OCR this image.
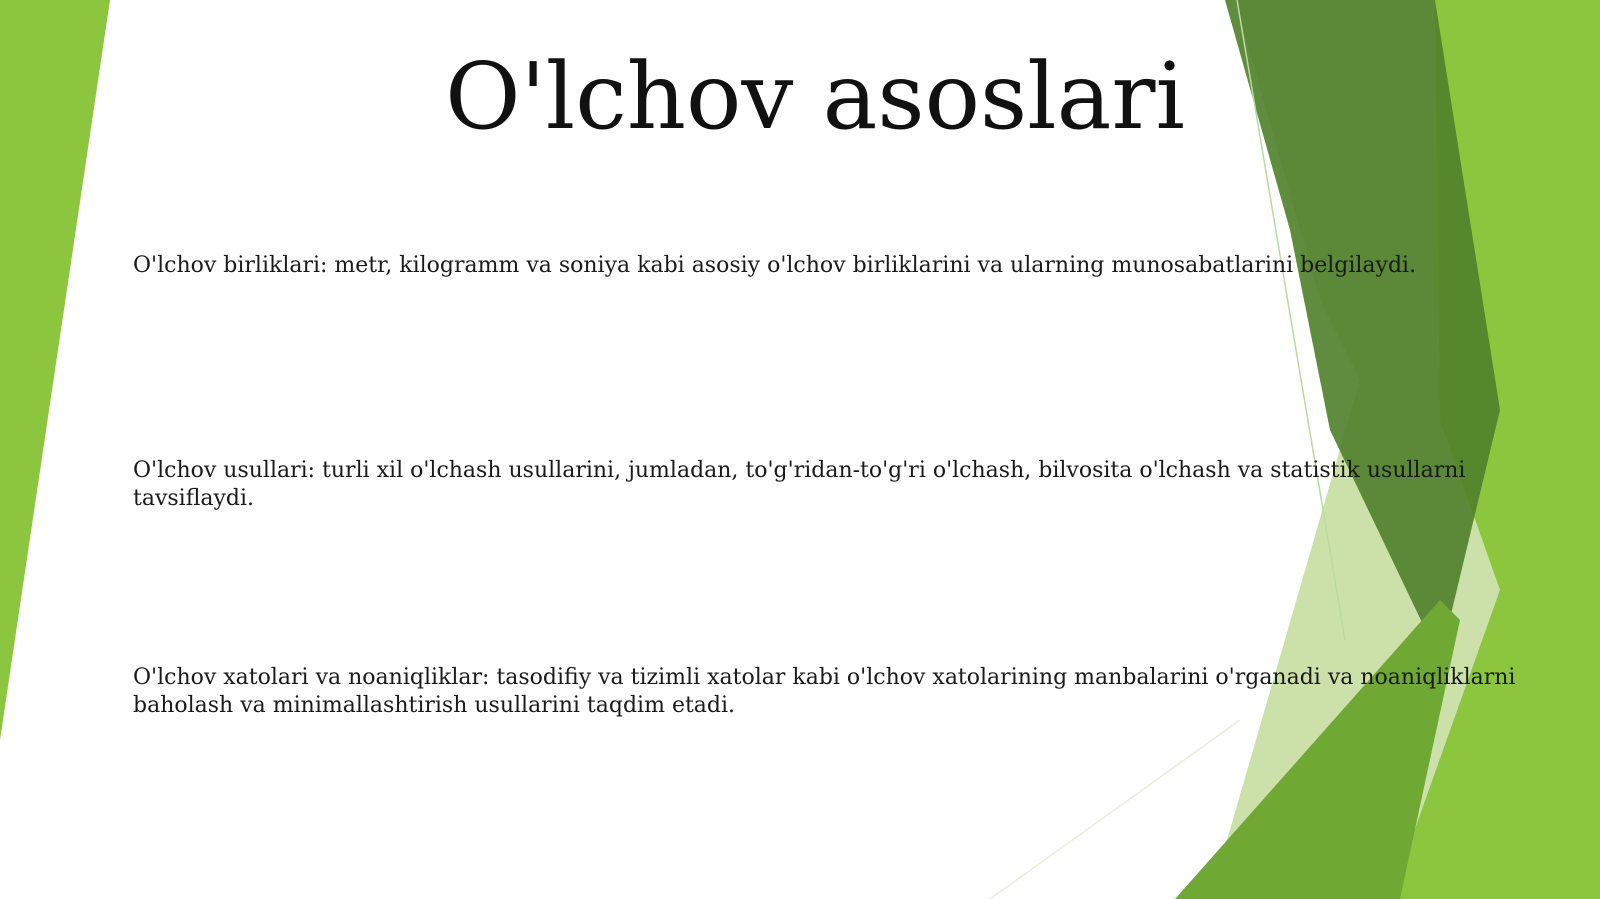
O'lchov asoslari
O'lchov birliklari: metr, kilogramm va soniya kabi asosiy o'lchov birliklarini va ularning munosabatlarini belgilaydi.
O'lchov usullari: turli xil o'lchash usullarini, jumladan, to'g'ridan-to'g'ri o'lchash, bilvosita o'lchash va statistik usullarni tavsiflaydi.
O'lchov xatolari va noaniqliklar: tasodifiy va tizimli xatolar kabi o'lchov xatolarining manbalarini o'rganadi va noaniqliklarni baholash va minimallashtirish usullarini taqdim etadi.
